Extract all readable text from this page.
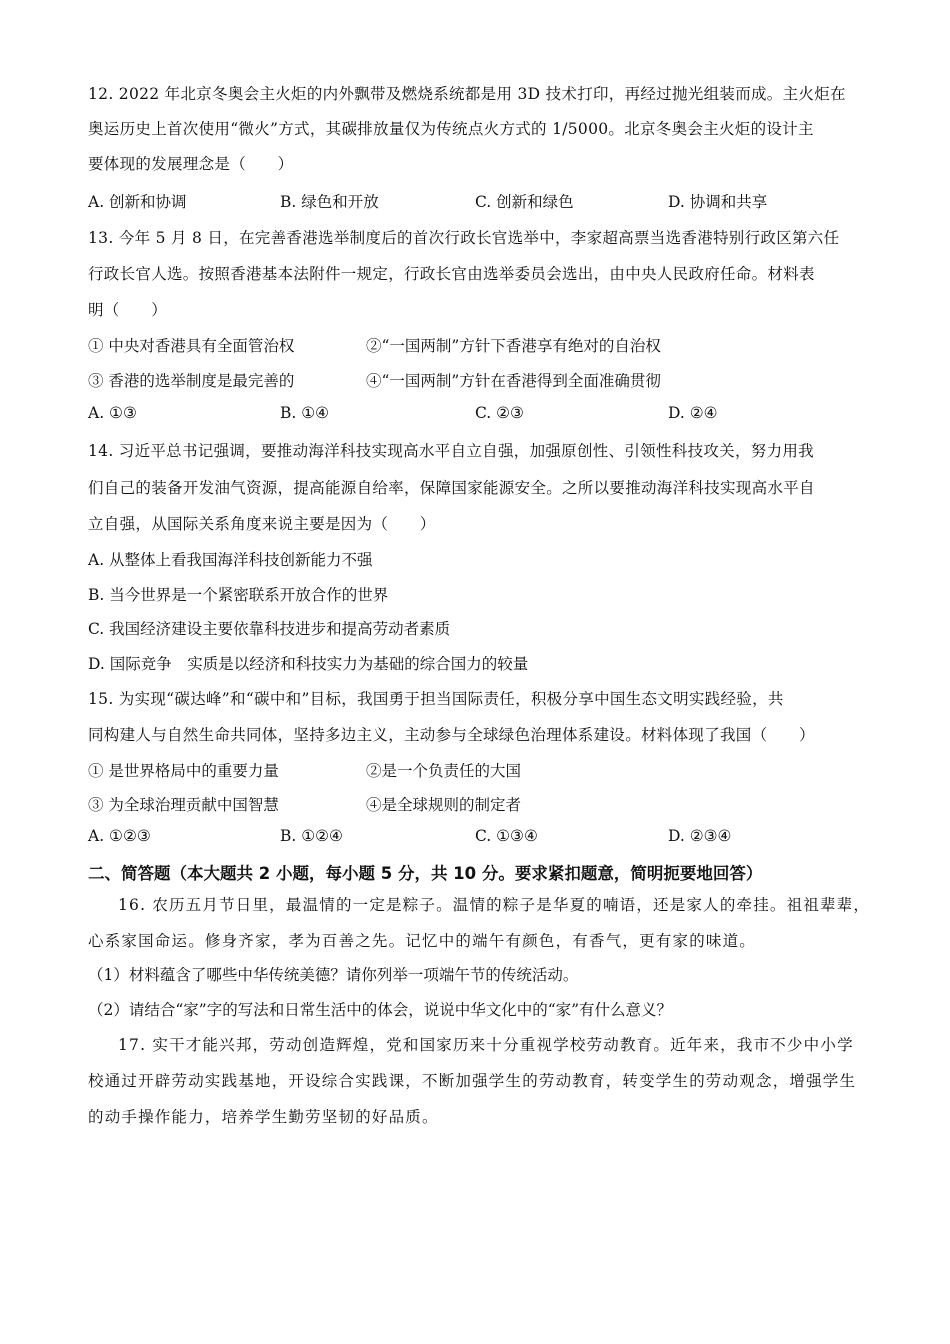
12. 2022 年北京冬奥会主火炬的内外飘带及燃烧系统都是用 3D 技术打印，再经过抛光组装而成。主火炬在
奥运历史上首次使用“微火”方式，其碳排放量仅为传统点火方式的 1/5000。北京冬奥会主火炬的设计主
要体现的发展理念是（　　）
A. 创新和协调	B. 绿色和开放	C. 创新和绿色	D. 协调和共享
13. 今年 5 月 8 日，在完善香港选举制度后的首次行政长官选举中，李家超高票当选香港特别行政区第六任
行政长官人选。按照香港基本法附件一规定，行政长官由选举委员会选出，由中央人民政府任命。材料表
明（　　）
① 中央对香港具有全面管治权	②“一国两制”方针下香港享有绝对的自治权
③ 香港的选举制度是最完善的	④“一国两制”方针在香港得到全面准确贯彻
A. ①③	B. ①④	C. ②③	D. ②④
14. 习近平总书记强调，要推动海洋科技实现高水平自立自强，加强原创性、引领性科技攻关，努力用我
们自己的装备开发油气资源，提高能源自给率，保障国家能源安全。之所以要推动海洋科技实现高水平自
立自强，从国际关系角度来说主要是因为（　　）
A. 从整体上看我国海洋科技创新能力不强
B. 当今世界是一个紧密联系开放合作的世界
C. 我国经济建设主要依靠科技进步和提高劳动者素质
D. 国际竞争　实质是以经济和科技实力为基础的综合国力的较量
15. 为实现“碳达峰”和“碳中和”目标，我国勇于担当国际责任，积极分享中国生态文明实践经验，共
同构建人与自然生命共同体，坚持多边主义，主动参与全球绿色治理体系建设。材料体现了我国（　　）
① 是世界格局中的重要力量	②是一个负责任的大国
③ 为全球治理贡献中国智慧	④是全球规则的制定者
A. ①②③	B. ①②④	C. ①③④	D. ②③④
二、简答题（本大题共 2 小题，每小题 5 分，共 10 分。要求紧扣题意，简明扼要地回答）
16. 农历五月节日里，最温情的一定是粽子。温情的粽子是华夏的喃语，还是家人的牵挂。祖祖辈辈，
心系家国命运。修身齐家，孝为百善之先。记忆中的端午有颜色，有香气，更有家的味道。
（1）材料蕴含了哪些中华传统美德？请你列举一项端午节的传统活动。
（2）请结合“家”字的写法和日常生活中的体会，说说中华文化中的“家”有什么意义？
17. 实干才能兴邦，劳动创造辉煌，党和国家历来十分重视学校劳动教育。近年来，我市不少中小学
校通过开辟劳动实践基地，开设综合实践课，不断加强学生的劳动教育，转变学生的劳动观念，增强学生
的动手操作能力，培养学生勤劳坚韧的好品质。
